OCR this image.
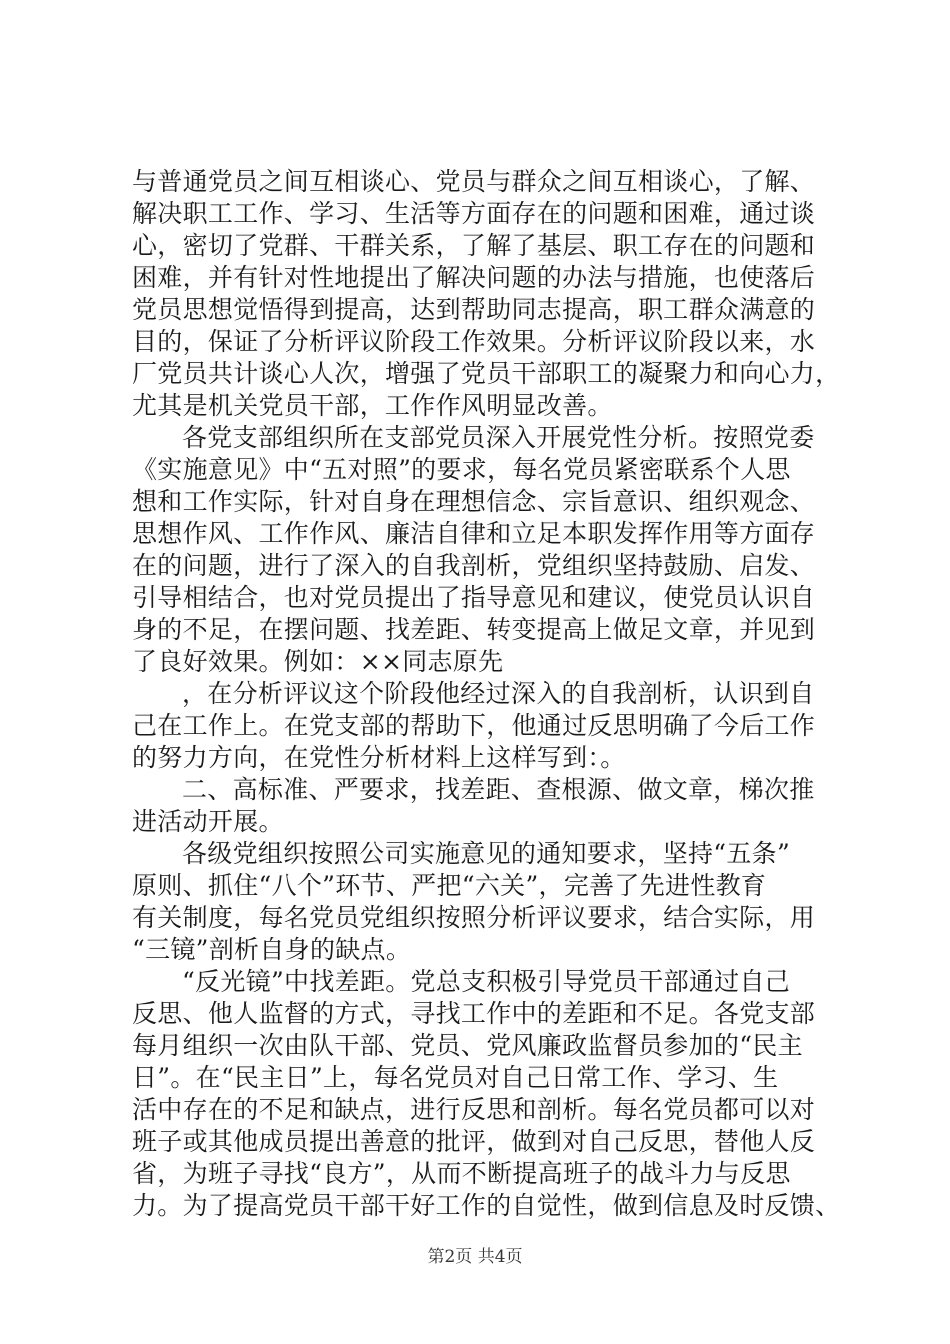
与普通党员之间互相谈心、党员与群众之间互相谈心，了解、
解决职工工作、学习、生活等方面存在的问题和困难，通过谈
心，密切了党群、干群关系，了解了基层、职工存在的问题和
困难，并有针对性地提出了解决问题的办法与措施，也使落后
党员思想觉悟得到提高，达到帮助同志提高，职工群众满意的
目的，保证了分析评议阶段工作效果。分析评议阶段以来，水
厂党员共计谈心人次，增强了党员干部职工的凝聚力和向心力，
尤其是机关党员干部，工作作风明显改善。
各党支部组织所在支部党员深入开展党性分析。按照党委
《实施意见》中“五对照”的要求，每名党员紧密联系个人思
想和工作实际，针对自身在理想信念、宗旨意识、组织观念、
思想作风、工作作风、廉洁自律和立足本职发挥作用等方面存
在的问题，进行了深入的自我剖析，党组织坚持鼓励、启发、
引导相结合，也对党员提出了指导意见和建议，使党员认识自
身的不足，在摆问题、找差距、转变提高上做足文章，并见到
了良好效果。例如：××同志原先
，在分析评议这个阶段他经过深入的自我剖析，认识到自
己在工作上。在党支部的帮助下，他通过反思明确了今后工作
的努力方向，在党性分析材料上这样写到：。
二、高标准、严要求，找差距、查根源、做文章，梯次推
进活动开展。
各级党组织按照公司实施意见的通知要求，坚持“五条”
原则、抓住“八个”环节、严把“六关”，完善了先进性教育
有关制度，每名党员党组织按照分析评议要求，结合实际，用
“三镜”剖析自身的缺点。
“反光镜”中找差距。党总支积极引导党员干部通过自己
反思、他人监督的方式，寻找工作中的差距和不足。各党支部
每月组织一次由队干部、党员、党风廉政监督员参加的“民主
日”。在“民主日”上，每名党员对自己日常工作、学习、生
活中存在的不足和缺点，进行反思和剖析。每名党员都可以对
班子或其他成员提出善意的批评，做到对自己反思，替他人反
省，为班子寻找“良方”，从而不断提高班子的战斗力与反思
力。为了提高党员干部干好工作的自觉性，做到信息及时反馈、
第2页 共4页
